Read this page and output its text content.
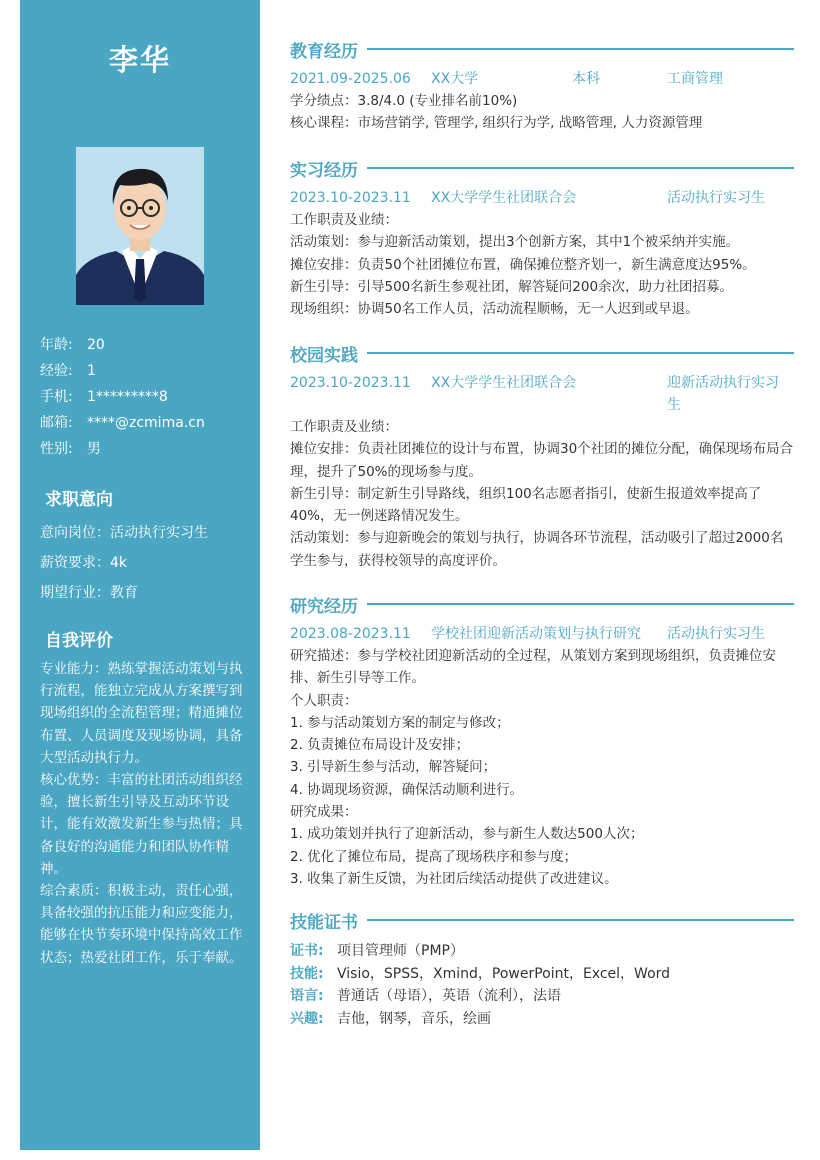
李华
年龄: 20
经验: 1
手机: 1*********8
邮箱: ****@zcmima.cn
性别: 男
求职意向
意向岗位：活动执行实习生
薪资要求：4k
期望行业：教育
自我评价

专业能力：熟练掌握活动策划与执行流程，能独立完成从方案撰写到现场组织的全流程管理；精通摊位布置、人员调度及现场协调，具备大型活动执行力。

核心优势：丰富的社团活动组织经验，擅长新生引导及互动环节设计，能有效激发新生参与热情；具备良好的沟通能力和团队协作精神。

综合素质：积极主动，责任心强，具备较强的抗压能力和应变能力，能够在快节奏环境中保持高效工作状态；热爱社团工作，乐于奉献。

教育经历
2021.09-2025.06	XX大学	本科	工商管理

学分绩点：3.8/4.0 (专业排名前10%)

核心课程：市场营销学, 管理学, 组织行为学, 战略管理, 人力资源管理

实习经历
2023.10-2023.11	XX大学学生社团联合会	活动执行实习生

工作职责及业绩：

活动策划：参与迎新活动策划，提出3个创新方案，其中1个被采纳并实施。

摊位安排：负责50个社团摊位布置，确保摊位整齐划一，新生满意度达95%。

新生引导：引导500名新生参观社团，解答疑问200余次，助力社团招募。

现场组织：协调50名工作人员，活动流程顺畅，无一人迟到或早退。

校园实践
2023.10-2023.11	XX大学学生社团联合会	迎新活动执行实习生

工作职责及业绩：

摊位安排：负责社团摊位的设计与布置，协调30个社团的摊位分配，确保现场布局合理，提升了50%的现场参与度。

新生引导：制定新生引导路线，组织100名志愿者指引，使新生报道效率提高了40%，无一例迷路情况发生。

活动策划：参与迎新晚会的策划与执行，协调各环节流程，活动吸引了超过2000名学生参与，获得校领导的高度评价。

研究经历
2023.08-2023.11	学校社团迎新活动策划与执行研究	活动执行实习生

研究描述：参与学校社团迎新活动的全过程，从策划方案到现场组织，负责摊位安排、新生引导等工作。

个人职责：

1. 参与活动策划方案的制定与修改；

2. 负责摊位布局设计及安排；

3. 引导新生参与活动，解答疑问；

4. 协调现场资源，确保活动顺利进行。

研究成果：

1. 成功策划并执行了迎新活动，参与新生人数达500人次；

2. 优化了摊位布局，提高了现场秩序和参与度；

3. 收集了新生反馈，为社团后续活动提供了改进建议。

技能证书
证书: 项目管理师（PMP）
技能: Visio，SPSS，Xmind，PowerPoint，Excel，Word
语言: 普通话（母语），英语（流利），法语
兴趣: 吉他，钢琴，音乐，绘画
